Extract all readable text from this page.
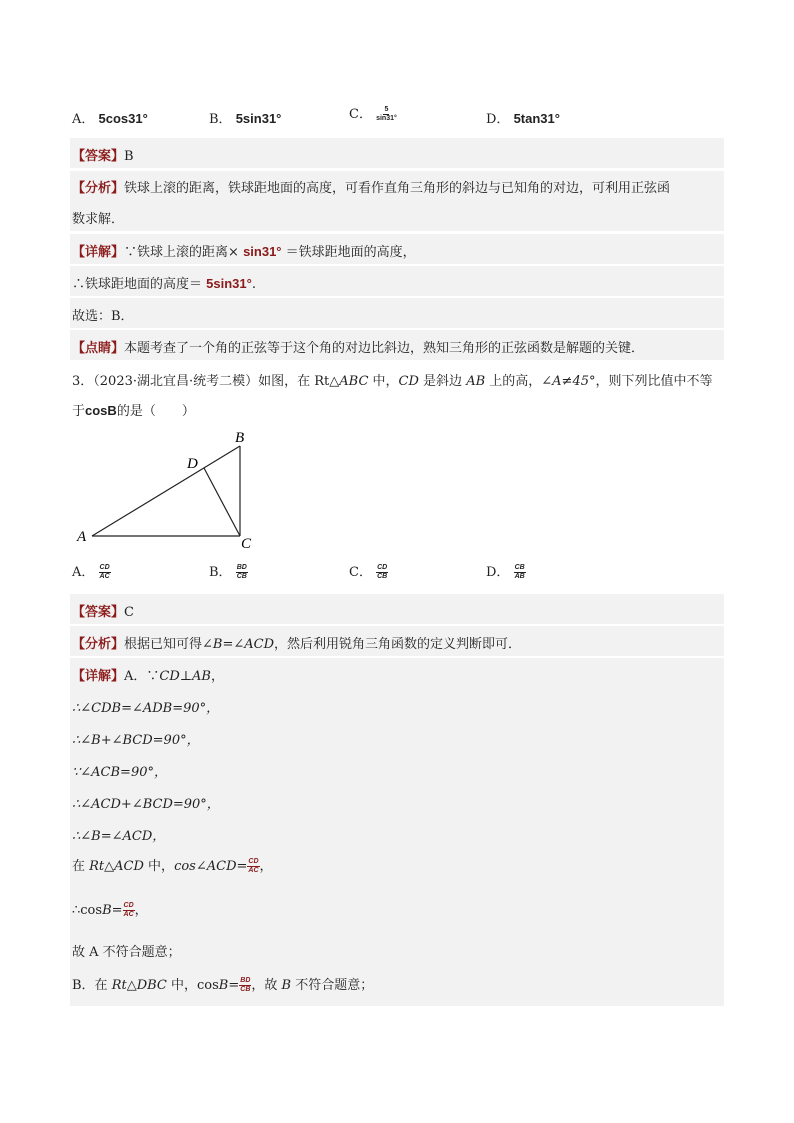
A． 5cos31°	B． 5sin31°	C． $\frac{5}{\sin 31^\circ}$	D． 5tan31°
【答案】B
【分析】铁球上滚的距离，铁球距地面的高度，可看作直角三角形的斜边与已知角的对边，可利用正弦函
数求解．
【详解】∵铁球上滚的距离× sin31° ＝铁球距地面的高度，
∴铁球距地面的高度＝ 5sin31°.
故选：B．
【点睛】本题考查了一个角的正弦等于这个角的对边比斜边，熟知三角形的正弦函数是解题的关键．
3．（2023·湖北宜昌·统考二模）如图，在 Rt△ABC 中，CD 是斜边 AB 上的高，∠A≠45°，则下列比值中不等
于cosB的是（　　）
A
B
C
D
A． $\frac{CD}{AC}$	B． $\frac{BD}{CB}$	C． $\frac{CD}{CB}$	D． $\frac{CB}{AB}$
【答案】C
【分析】根据已知可得∠B=∠ACD，然后利用锐角三角函数的定义判断即可．
【详解】A．∵CD⊥AB，
∴∠CDB=∠ADB=90°，
∴∠B+∠BCD=90°，
∵∠ACB=90°，
∴∠ACD+∠BCD=90°，
∴∠B=∠ACD，
在 Rt△ACD 中，cos∠ACD= $\frac{CD}{AC}$ ，
∴cosB= $\frac{CD}{AC}$ ，
故 A 不符合题意；
B．在 Rt△DBC 中，$\cos B= \frac{BD}{CB}$ ，故 B 不符合题意；
